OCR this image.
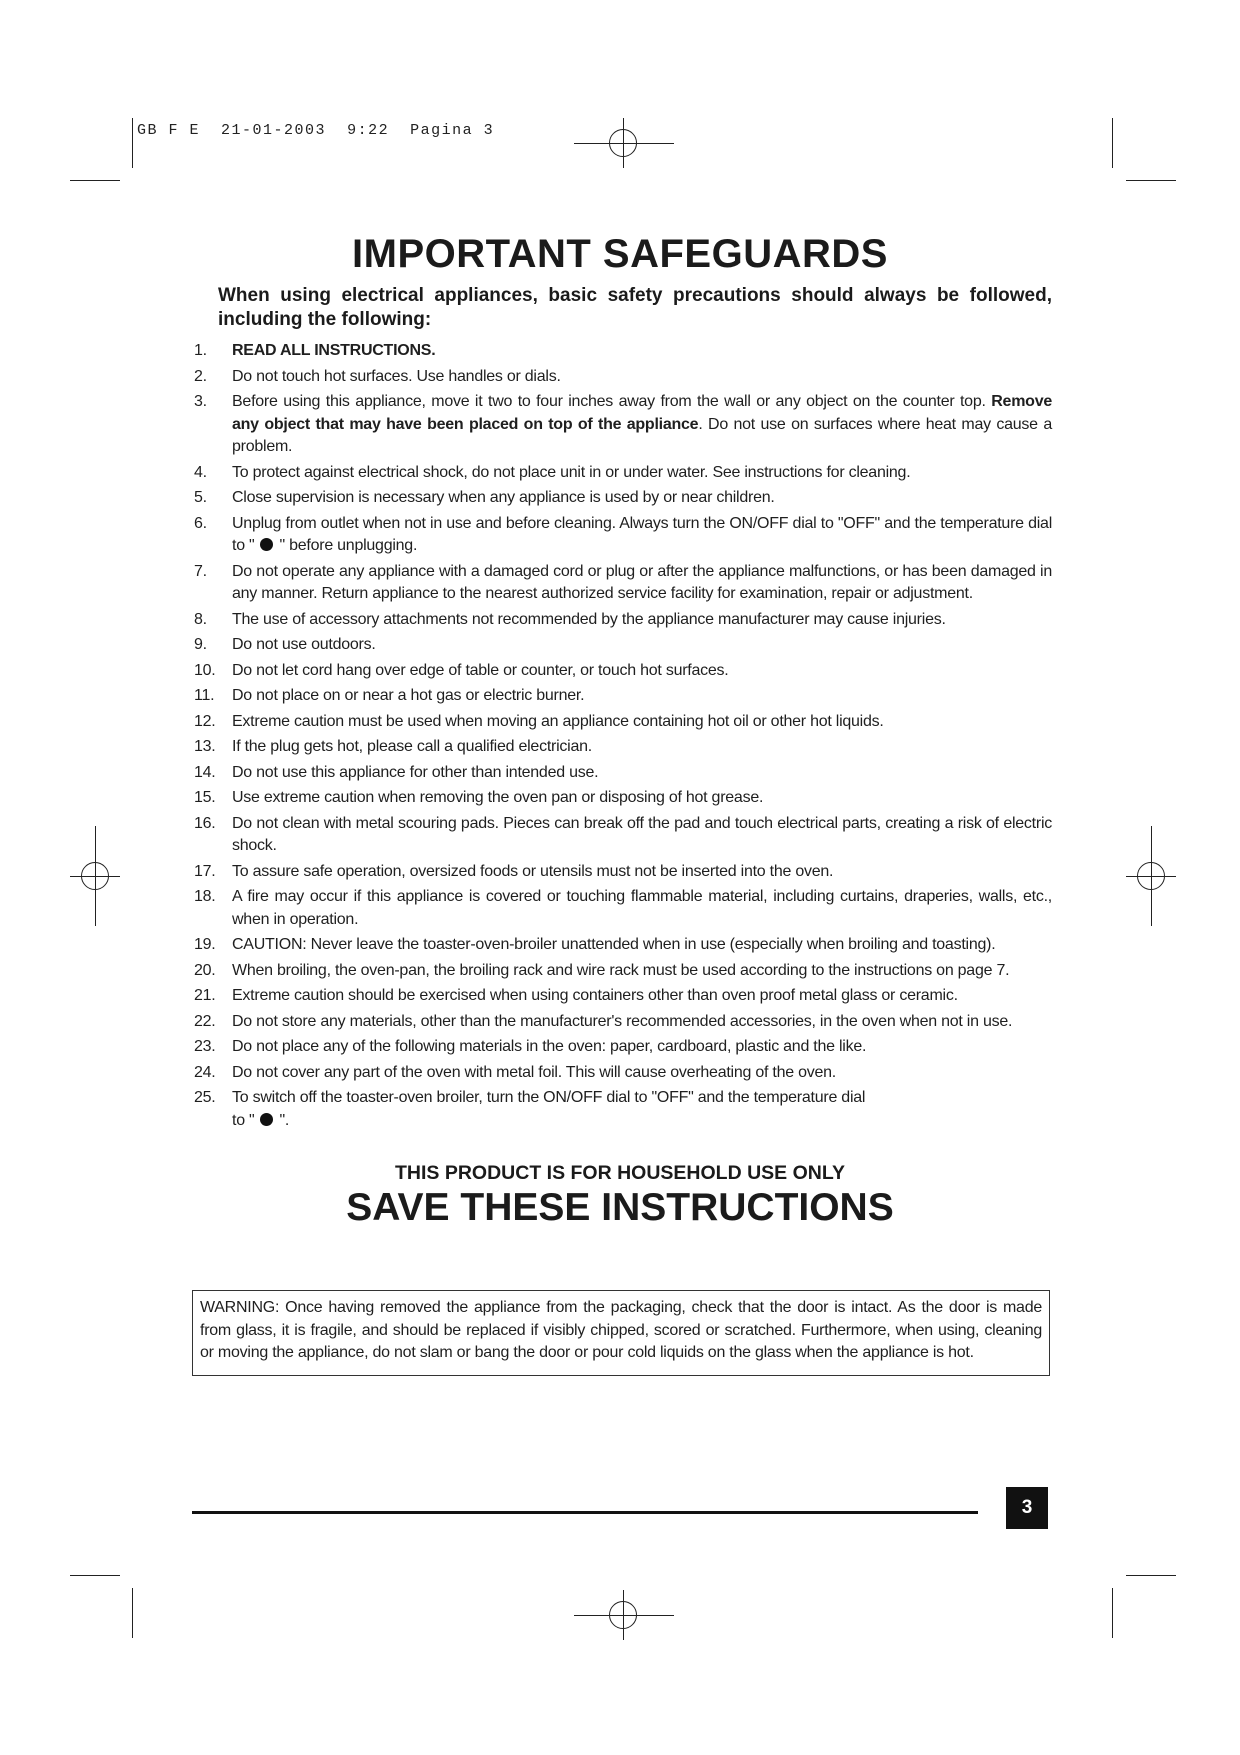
GB F E 21-01-2003 9:22 Pagina 3
IMPORTANT SAFEGUARDS
When using electrical appliances, basic safety precautions should always be followed, including the following:
1. READ ALL INSTRUCTIONS.
2. Do not touch hot surfaces. Use handles or dials.
3. Before using this appliance, move it two to four inches away from the wall or any object on the counter top. Remove any object that may have been placed on top of the appliance. Do not use on surfaces where heat may cause a problem.
4. To protect against electrical shock, do not place unit in or under water. See instructions for cleaning.
5. Close supervision is necessary when any appliance is used by or near children.
6. Unplug from outlet when not in use and before cleaning. Always turn the ON/OFF dial to "OFF" and the temperature dial to " " before unplugging.
7. Do not operate any appliance with a damaged cord or plug or after the appliance malfunctions, or has been damaged in any manner. Return appliance to the nearest authorized service facility for examination, repair or adjustment.
8. The use of accessory attachments not recommended by the appliance manufacturer may cause injuries.
9. Do not use outdoors.
10. Do not let cord hang over edge of table or counter, or touch hot surfaces.
11. Do not place on or near a hot gas or electric burner.
12. Extreme caution must be used when moving an appliance containing hot oil or other hot liquids.
13. If the plug gets hot, please call a qualified electrician.
14. Do not use this appliance for other than intended use.
15. Use extreme caution when removing the oven pan or disposing of hot grease.
16. Do not clean with metal scouring pads. Pieces can break off the pad and touch electrical parts, creating a risk of electric shock.
17. To assure safe operation, oversized foods or utensils must not be inserted into the oven.
18. A fire may occur if this appliance is covered or touching flammable material, including curtains, draperies, walls, etc., when in operation.
19. CAUTION: Never leave the toaster-oven-broiler unattended when in use (especially when broiling and toasting).
20. When broiling, the oven-pan, the broiling rack and wire rack must be used according to the instructions on page 7.
21. Extreme caution should be exercised when using containers other than oven proof metal glass or ceramic.
22. Do not store any materials, other than the manufacturer's recommended accessories, in the oven when not in use.
23. Do not place any of the following materials in the oven: paper, cardboard, plastic and the like.
24. Do not cover any part of the oven with metal foil. This will cause overheating of the oven.
25. To switch off the toaster-oven broiler, turn the ON/OFF dial to "OFF" and the temperature dial
to " ".
THIS PRODUCT IS FOR HOUSEHOLD USE ONLY
SAVE THESE INSTRUCTIONS
WARNING: Once having removed the appliance from the packaging, check that the door is intact. As the door is made from glass, it is fragile, and should be replaced if visibly chipped, scored or scratched. Furthermore, when using, cleaning or moving the appliance, do not slam or bang the door or pour cold liquids on the glass when the appliance is hot.
3
